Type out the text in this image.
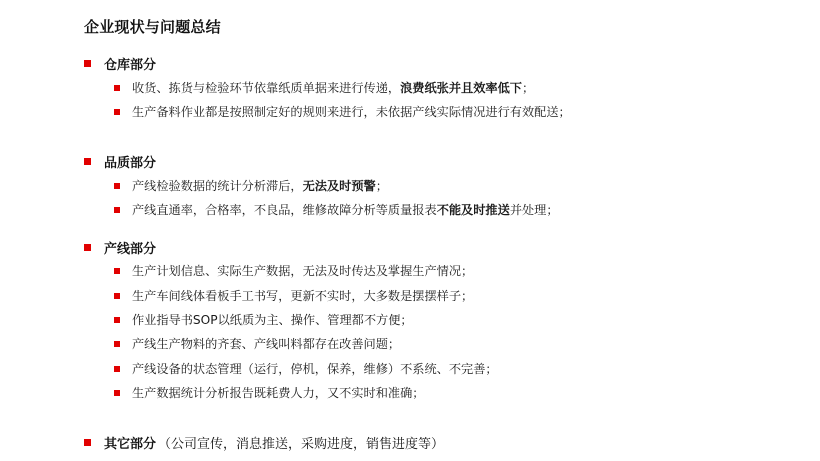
企业现状与问题总结
仓库部分
收货、拣货与检验环节依靠纸质单据来进行传递， 浪费纸张并且效率低下 ；
生产备料作业都是按照制定好的规则来进行，未依据产线实际情况进行有效配送；
品质部分
产线检验数据的统计分析滞后， 无法及时预警 ；
产线直通率，合格率，不良品，维修故障分析等质量报表 不能及时推送 并处理；
产线部分
生产计划信息、实际生产数据，无法及时传达及掌握生产情况；
生产车间线体看板手工书写，更新不实时，大多数是摆摆样子；
作业指导书SOP以纸质为主、操作、管理都不方便；
产线生产物料的齐套、产线叫料都存在改善问题；
产线设备的状态管理（运行，停机，保养，维修）不系统、不完善；
生产数据统计分析报告既耗费人力，又不实时和准确；
其它部分 （公司宣传，消息推送，采购进度，销售进度等）
